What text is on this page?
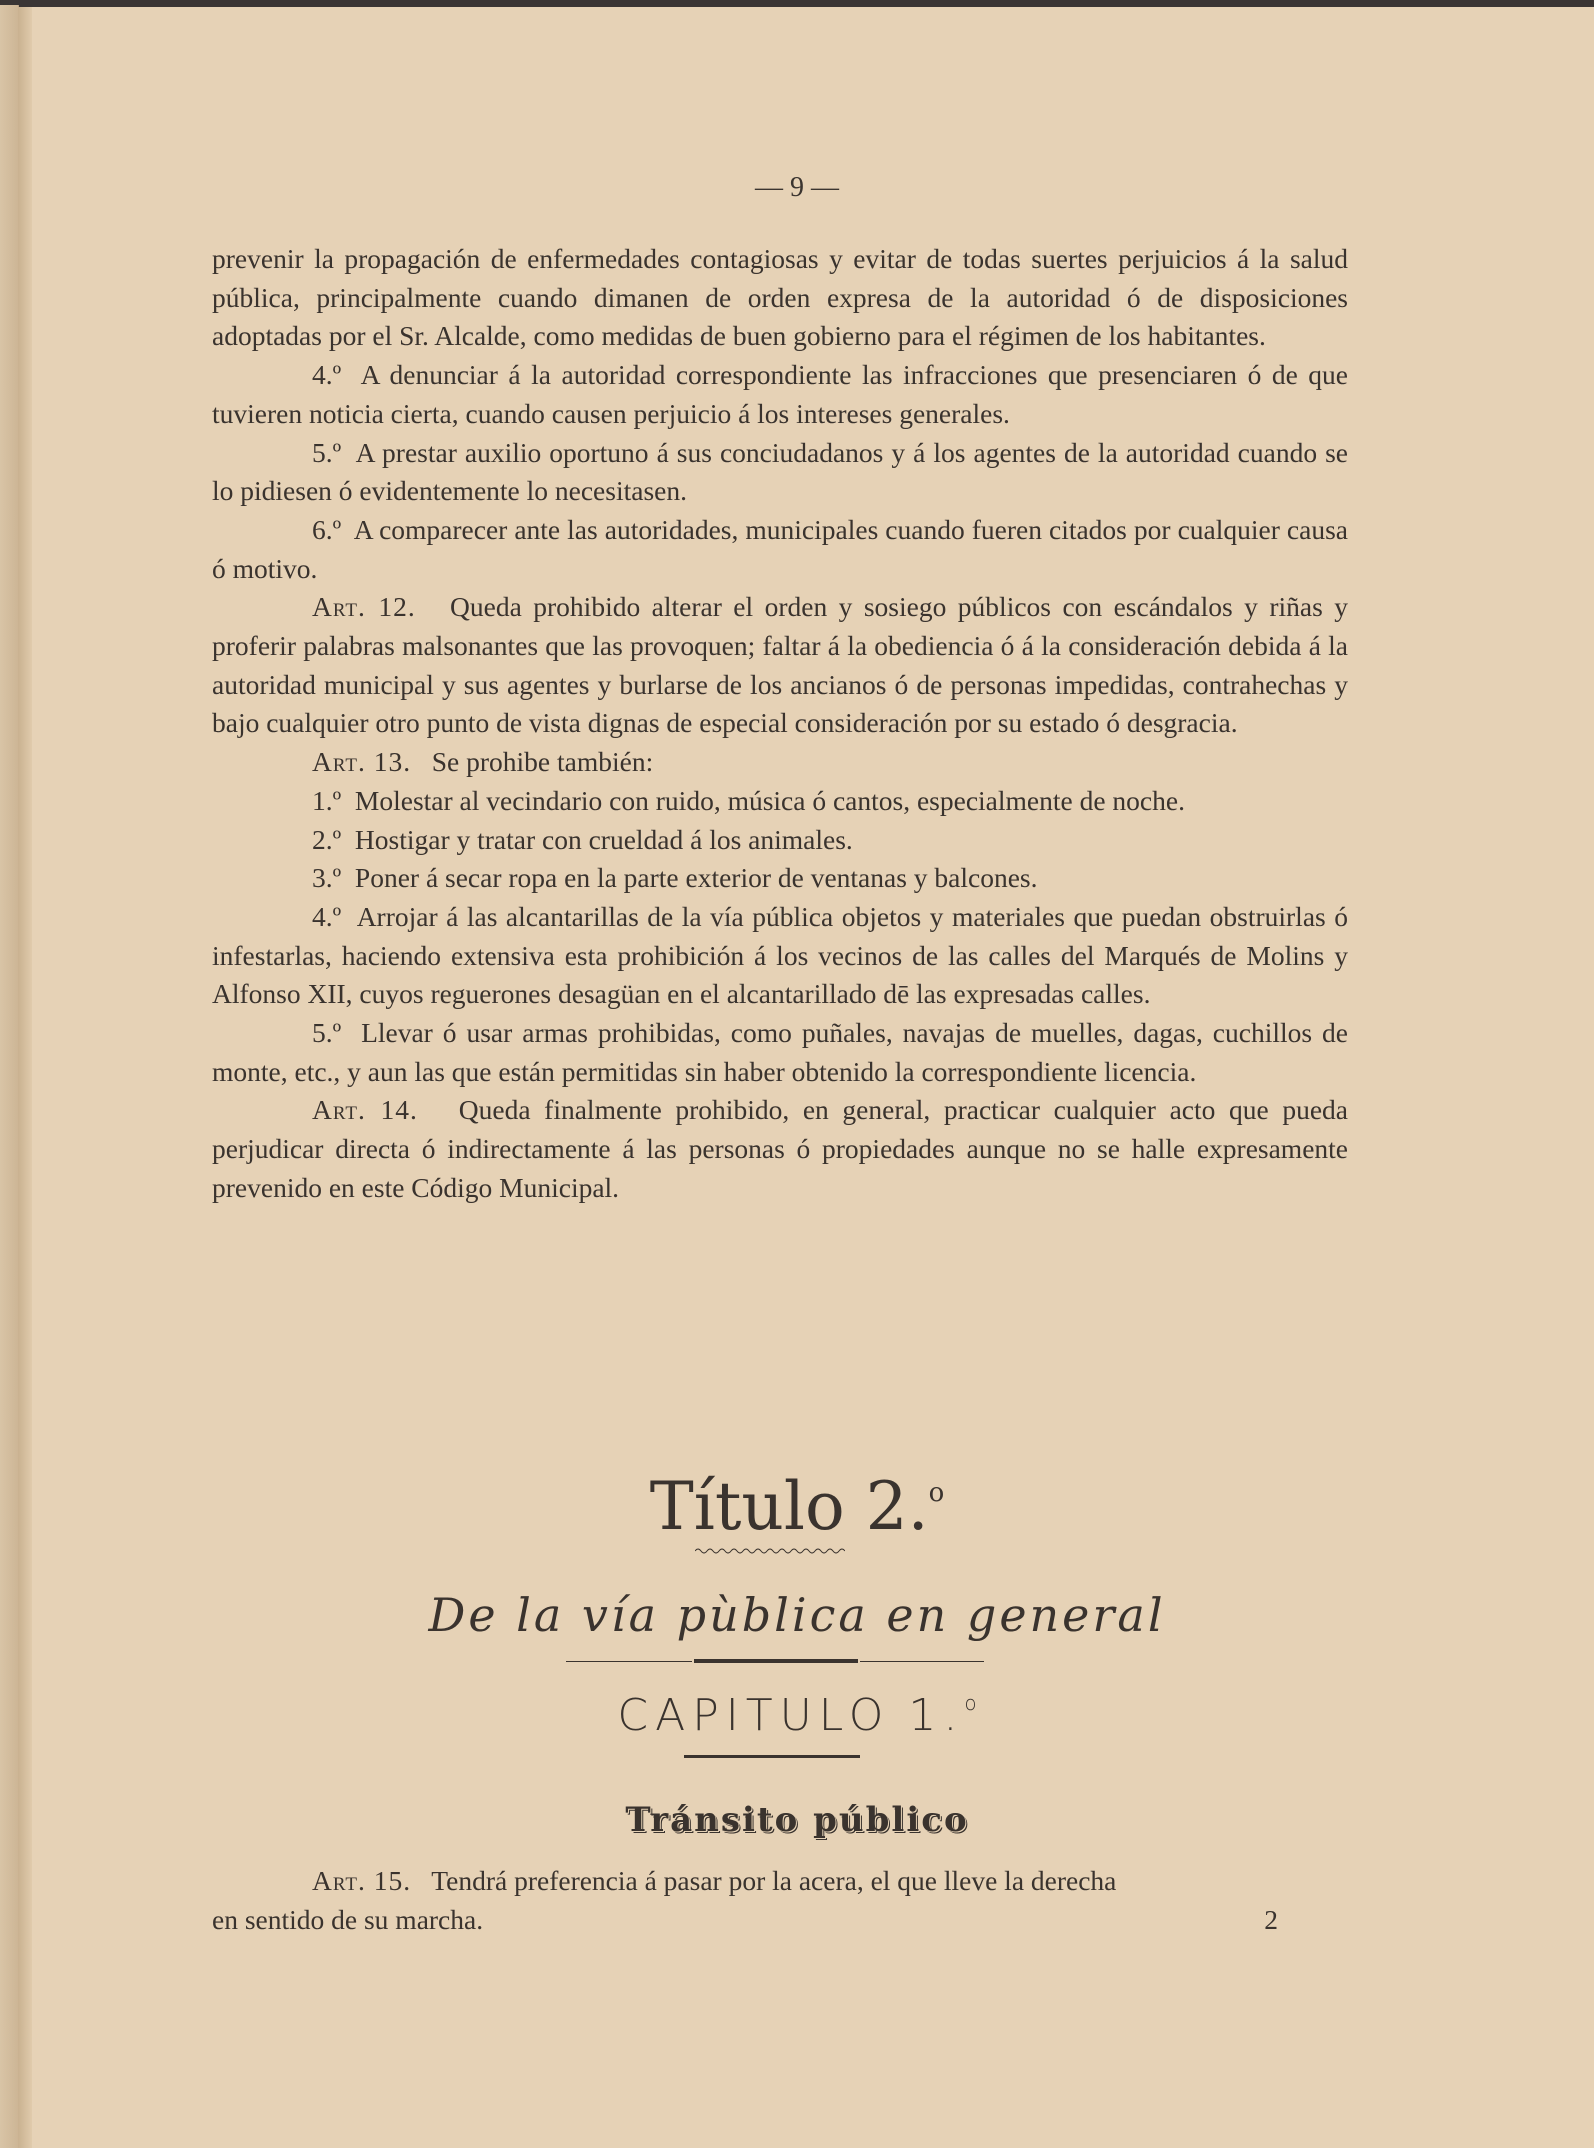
— 9 —

prevenir la propagación de enfermedades contagiosas y evitar de todas suertes perjuicios á la salud pública, principalmente cuando dimanen de orden expresa de la autoridad ó de disposiciones adoptadas por el Sr. Alcalde, como medidas de buen gobierno para el régimen de los habitantes.

4.º A denunciar á la autoridad correspondiente las infracciones que presenciaren ó de que tuvieren noticia cierta, cuando causen perjuicio á los intereses generales.

5.º A prestar auxilio oportuno á sus conciudadanos y á los agentes de la autoridad cuando se lo pidiesen ó evidentemente lo necesitasen.

6.º A comparecer ante las autoridades, municipales cuando fueren citados por cualquier causa ó motivo.

Art. 12. Queda prohibido alterar el orden y sosiego públicos con escándalos y riñas y proferir palabras malsonantes que las provoquen; faltar á la obediencia ó á la consideración debida á la autoridad municipal y sus agentes y burlarse de los ancianos ó de personas impedidas, contrahechas y bajo cualquier otro punto de vista dignas de especial consideración por su estado ó desgracia.

Art. 13. Se prohibe también:

1.º Molestar al vecindario con ruido, música ó cantos, especialmente de noche.

2.º Hostigar y tratar con crueldad á los animales.

3.º Poner á secar ropa en la parte exterior de ventanas y balcones.

4.º Arrojar á las alcantarillas de la vía pública objetos y materiales que puedan obstruirlas ó infestarlas, haciendo extensiva esta prohibición á los vecinos de las calles del Marqués de Molins y Alfonso XII, cuyos reguerones desagüan en el alcantarillado dē las expresadas calles.

5.º Llevar ó usar armas prohibidas, como puñales, navajas de muelles, dagas, cuchillos de monte, etc., y aun las que están permitidas sin haber obtenido la correspondiente licencia.

Art. 14. Queda finalmente prohibido, en general, practicar cualquier acto que pueda perjudicar directa ó indirectamente á las personas ó propiedades aunque no se halle expresamente prevenido en este Código Municipal.

Título 2.$^o$
De la vía pùblica en general
CAPITULO 1.$^o$
Tránsito público

Art. 15. Tendrá preferencia á pasar por la acera, el que lleve la derecha

en sentido de su marcha.	2
